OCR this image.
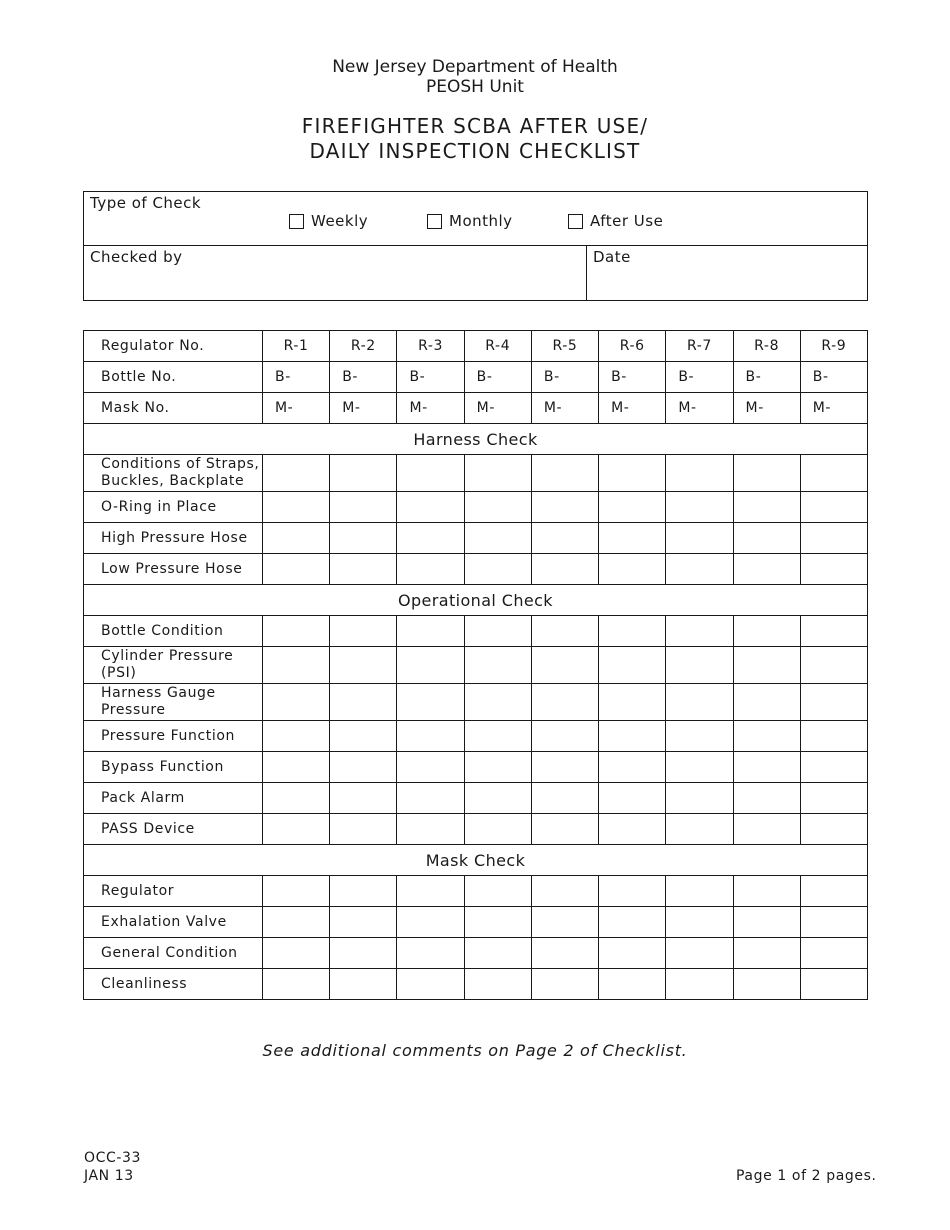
New Jersey Department of Health
PEOSH Unit
FIREFIGHTER SCBA AFTER USE/
DAILY INSPECTION CHECKLIST
Type of Check
Weekly	Monthly	After Use

Checked by	Date
Regulator No.	R-1	R-2	R-3	R-4	R-5	R-6	R-7	R-8	R-9
Bottle No.	B-	B-	B-	B-	B-	B-	B-	B-	B-
Mask No.	M-	M-	M-	M-	M-	M-	M-	M-	M-
Harness Check									
Conditions of Straps, Buckles, Backplate									
O-Ring in Place									
High Pressure Hose									
Low Pressure Hose									
Operational Check									
Bottle Condition									
Cylinder Pressure (PSI)									
Harness Gauge Pressure									
Pressure Function									
Bypass Function									
Pack Alarm									
PASS Device									
Mask Check									
Regulator									
Exhalation Valve									
General Condition									
Cleanliness									
See additional comments on Page 2 of Checklist.
OCC-33
JAN 13	Page 1 of 2 pages.
